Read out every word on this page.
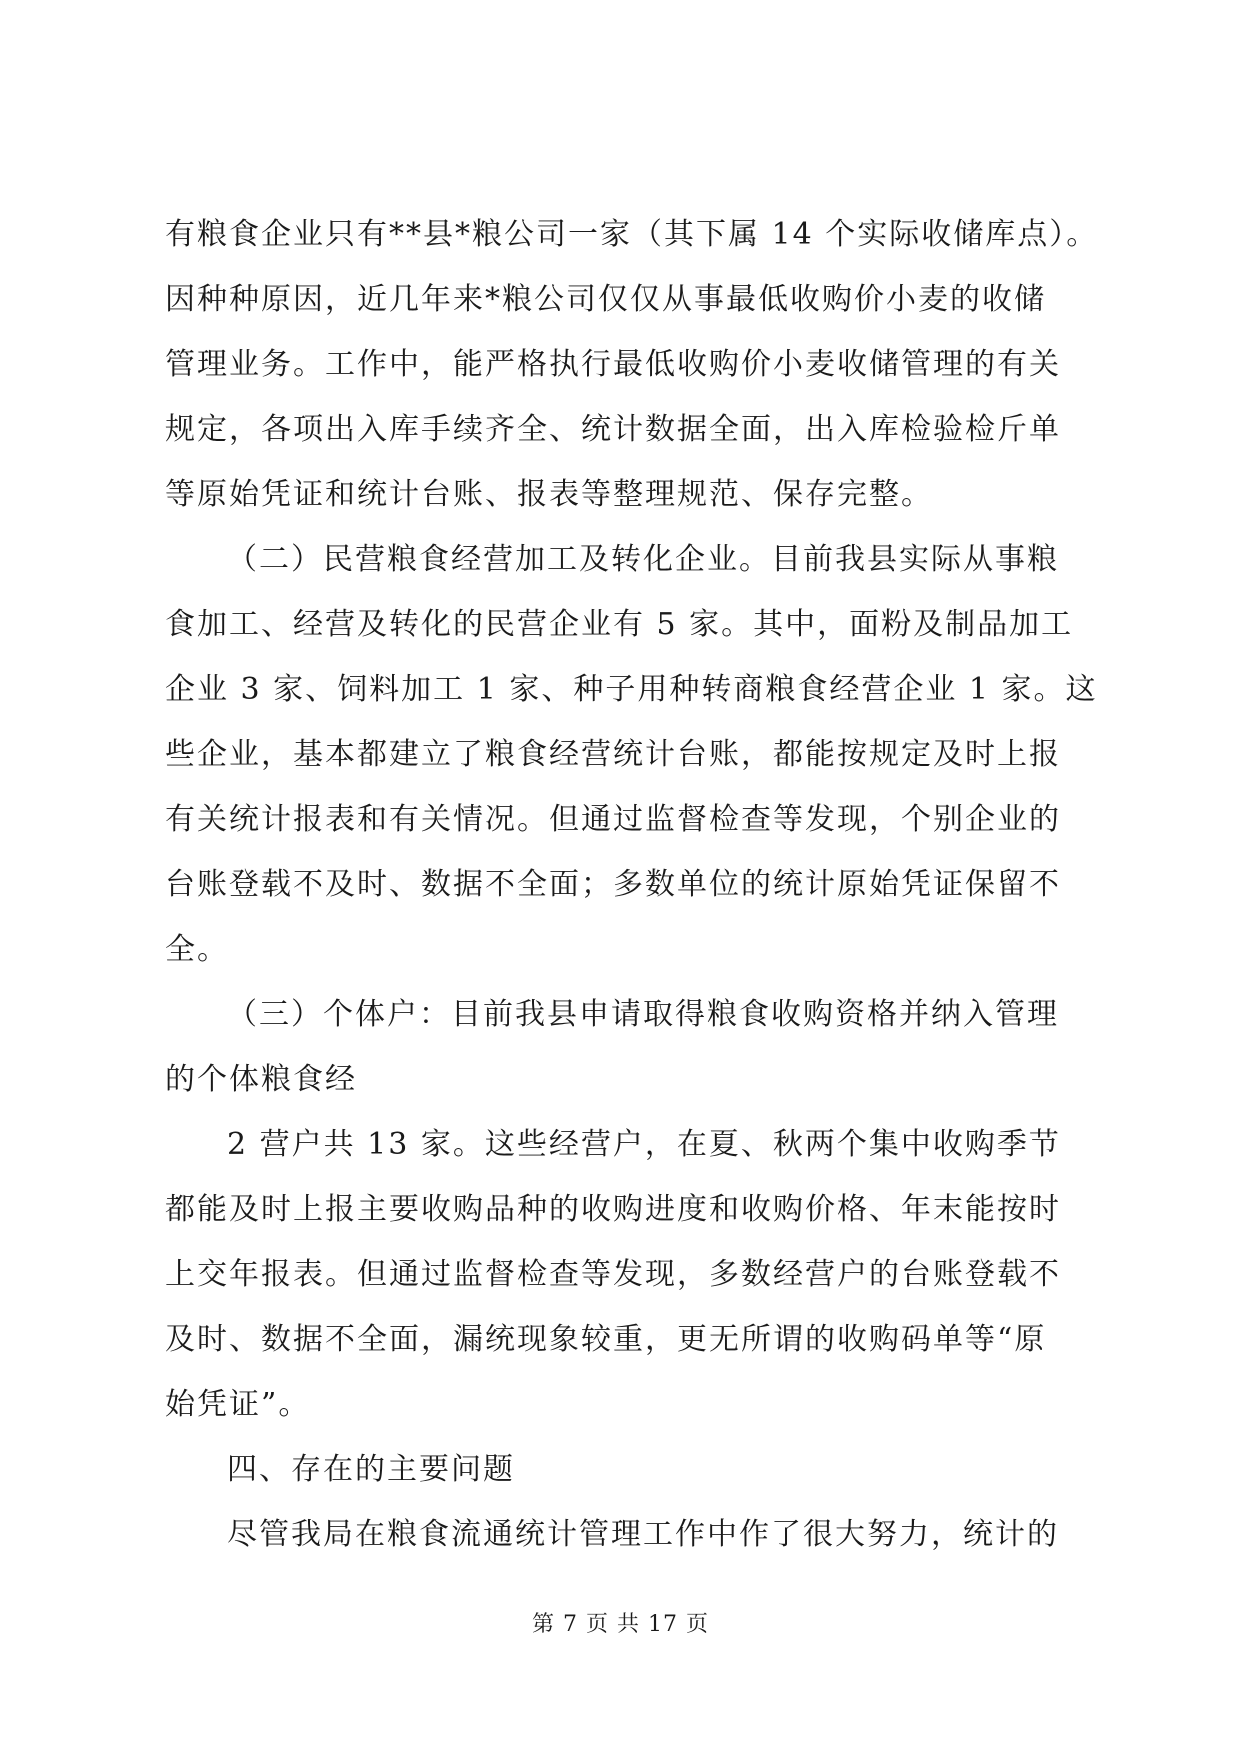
有粮食企业只有**县*粮公司一家（其下属 14 个实际收储库点）。
因种种原因，近几年来*粮公司仅仅从事最低收购价小麦的收储
管理业务。工作中，能严格执行最低收购价小麦收储管理的有关
规定，各项出入库手续齐全、统计数据全面，出入库检验检斤单
等原始凭证和统计台账、报表等整理规范、保存完整。
（二）民营粮食经营加工及转化企业。目前我县实际从事粮
食加工、经营及转化的民营企业有 5 家。其中，面粉及制品加工
企业 3 家、饲料加工 1 家、种子用种转商粮食经营企业 1 家。这
些企业，基本都建立了粮食经营统计台账，都能按规定及时上报
有关统计报表和有关情况。但通过监督检查等发现，个别企业的
台账登载不及时、数据不全面；多数单位的统计原始凭证保留不
全。
（三）个体户：目前我县申请取得粮食收购资格并纳入管理
的个体粮食经
2 营户共 13 家。这些经营户，在夏、秋两个集中收购季节
都能及时上报主要收购品种的收购进度和收购价格、年末能按时
上交年报表。但通过监督检查等发现，多数经营户的台账登载不
及时、数据不全面，漏统现象较重，更无所谓的收购码单等“原
始凭证”。
四、存在的主要问题
尽管我局在粮食流通统计管理工作中作了很大努力，统计的
第 7 页 共 17 页
